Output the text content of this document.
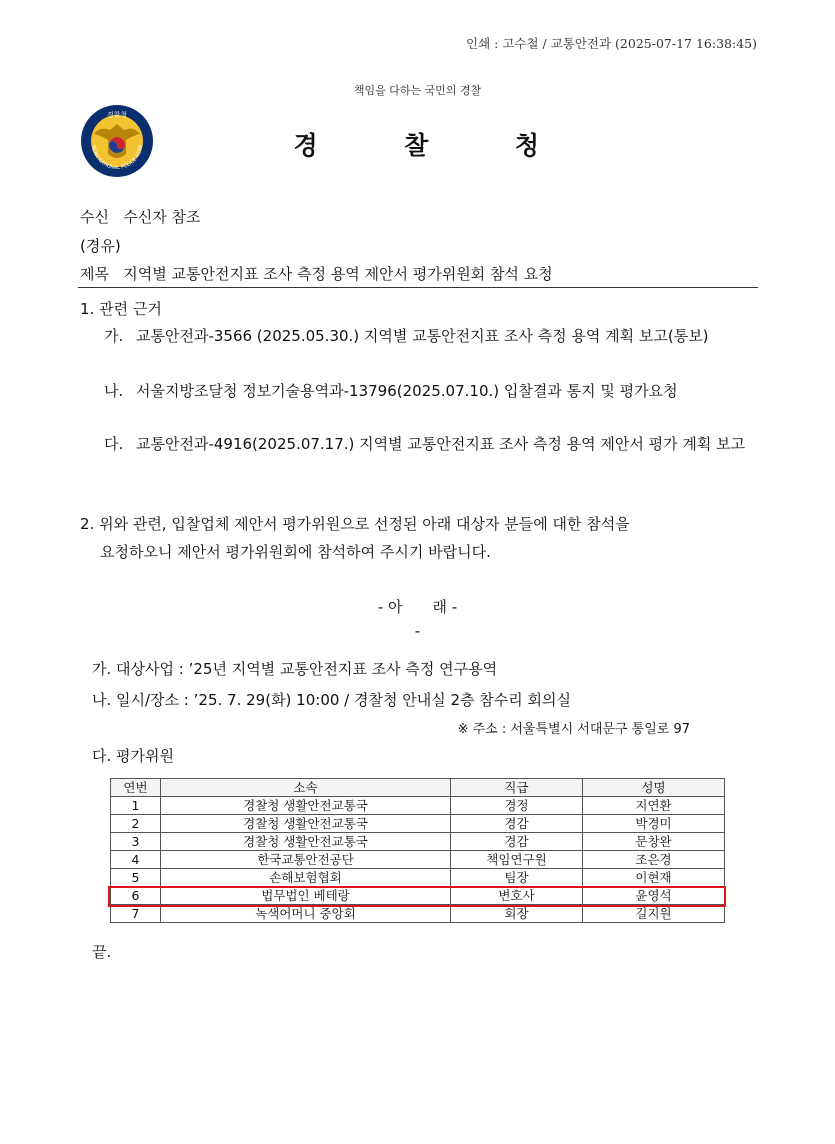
인쇄 : 고수철 / 교통안전과 (2025-07-17 16:38:45)
책임을 다하는 국민의 경찰
경찰청
REAN NATIONAL POLICE AGEN	경	찰	청
수신 수신자 참조
(경유)
제목 지역별 교통안전지표 조사 측정 용역 제안서 평가위원회 참석 요청
1. 관련 근거
가. 교통안전과-3566 (2025.05.30.) 지역별 교통안전지표 조사 측정 용역 계획 보고(통보)
나. 서울지방조달청 정보기술용역과-13796(2025.07.10.) 입찰결과 통지 및 평가요청
다. 교통안전과-4916(2025.07.17.) 지역별 교통안전지표 조사 측정 용역 제안서 평가 계획 보고
2. 위와 관련, 입찰업체 제안서 평가위원으로 선정된 아래 대상자 분들에 대한 참석을
요청하오니 제안서 평가위원회에 참석하여 주시기 바랍니다.
- 아　　래 -
-
가. 대상사업 : ’25년 지역별 교통안전지표 조사 측정 연구용역
나. 일시/장소 : ’25. 7. 29(화) 10:00 / 경찰청 안내실 2층 참수리 회의실
※ 주소 : 서울특별시 서대문구 통일로 97
다. 평가위원
연번	소속	직급	성명
1	경찰청 생활안전교통국	경정	지연환
2	경찰청 생활안전교통국	경감	박경미
3	경찰청 생활안전교통국	경감	문창완
4	한국교통안전공단	책임연구원	조은경
5	손해보험협회	팀장	이현재
6	법무법인 베테랑	변호사	윤영석
7	녹색어머니 중앙회	회장	길지원
끝.
